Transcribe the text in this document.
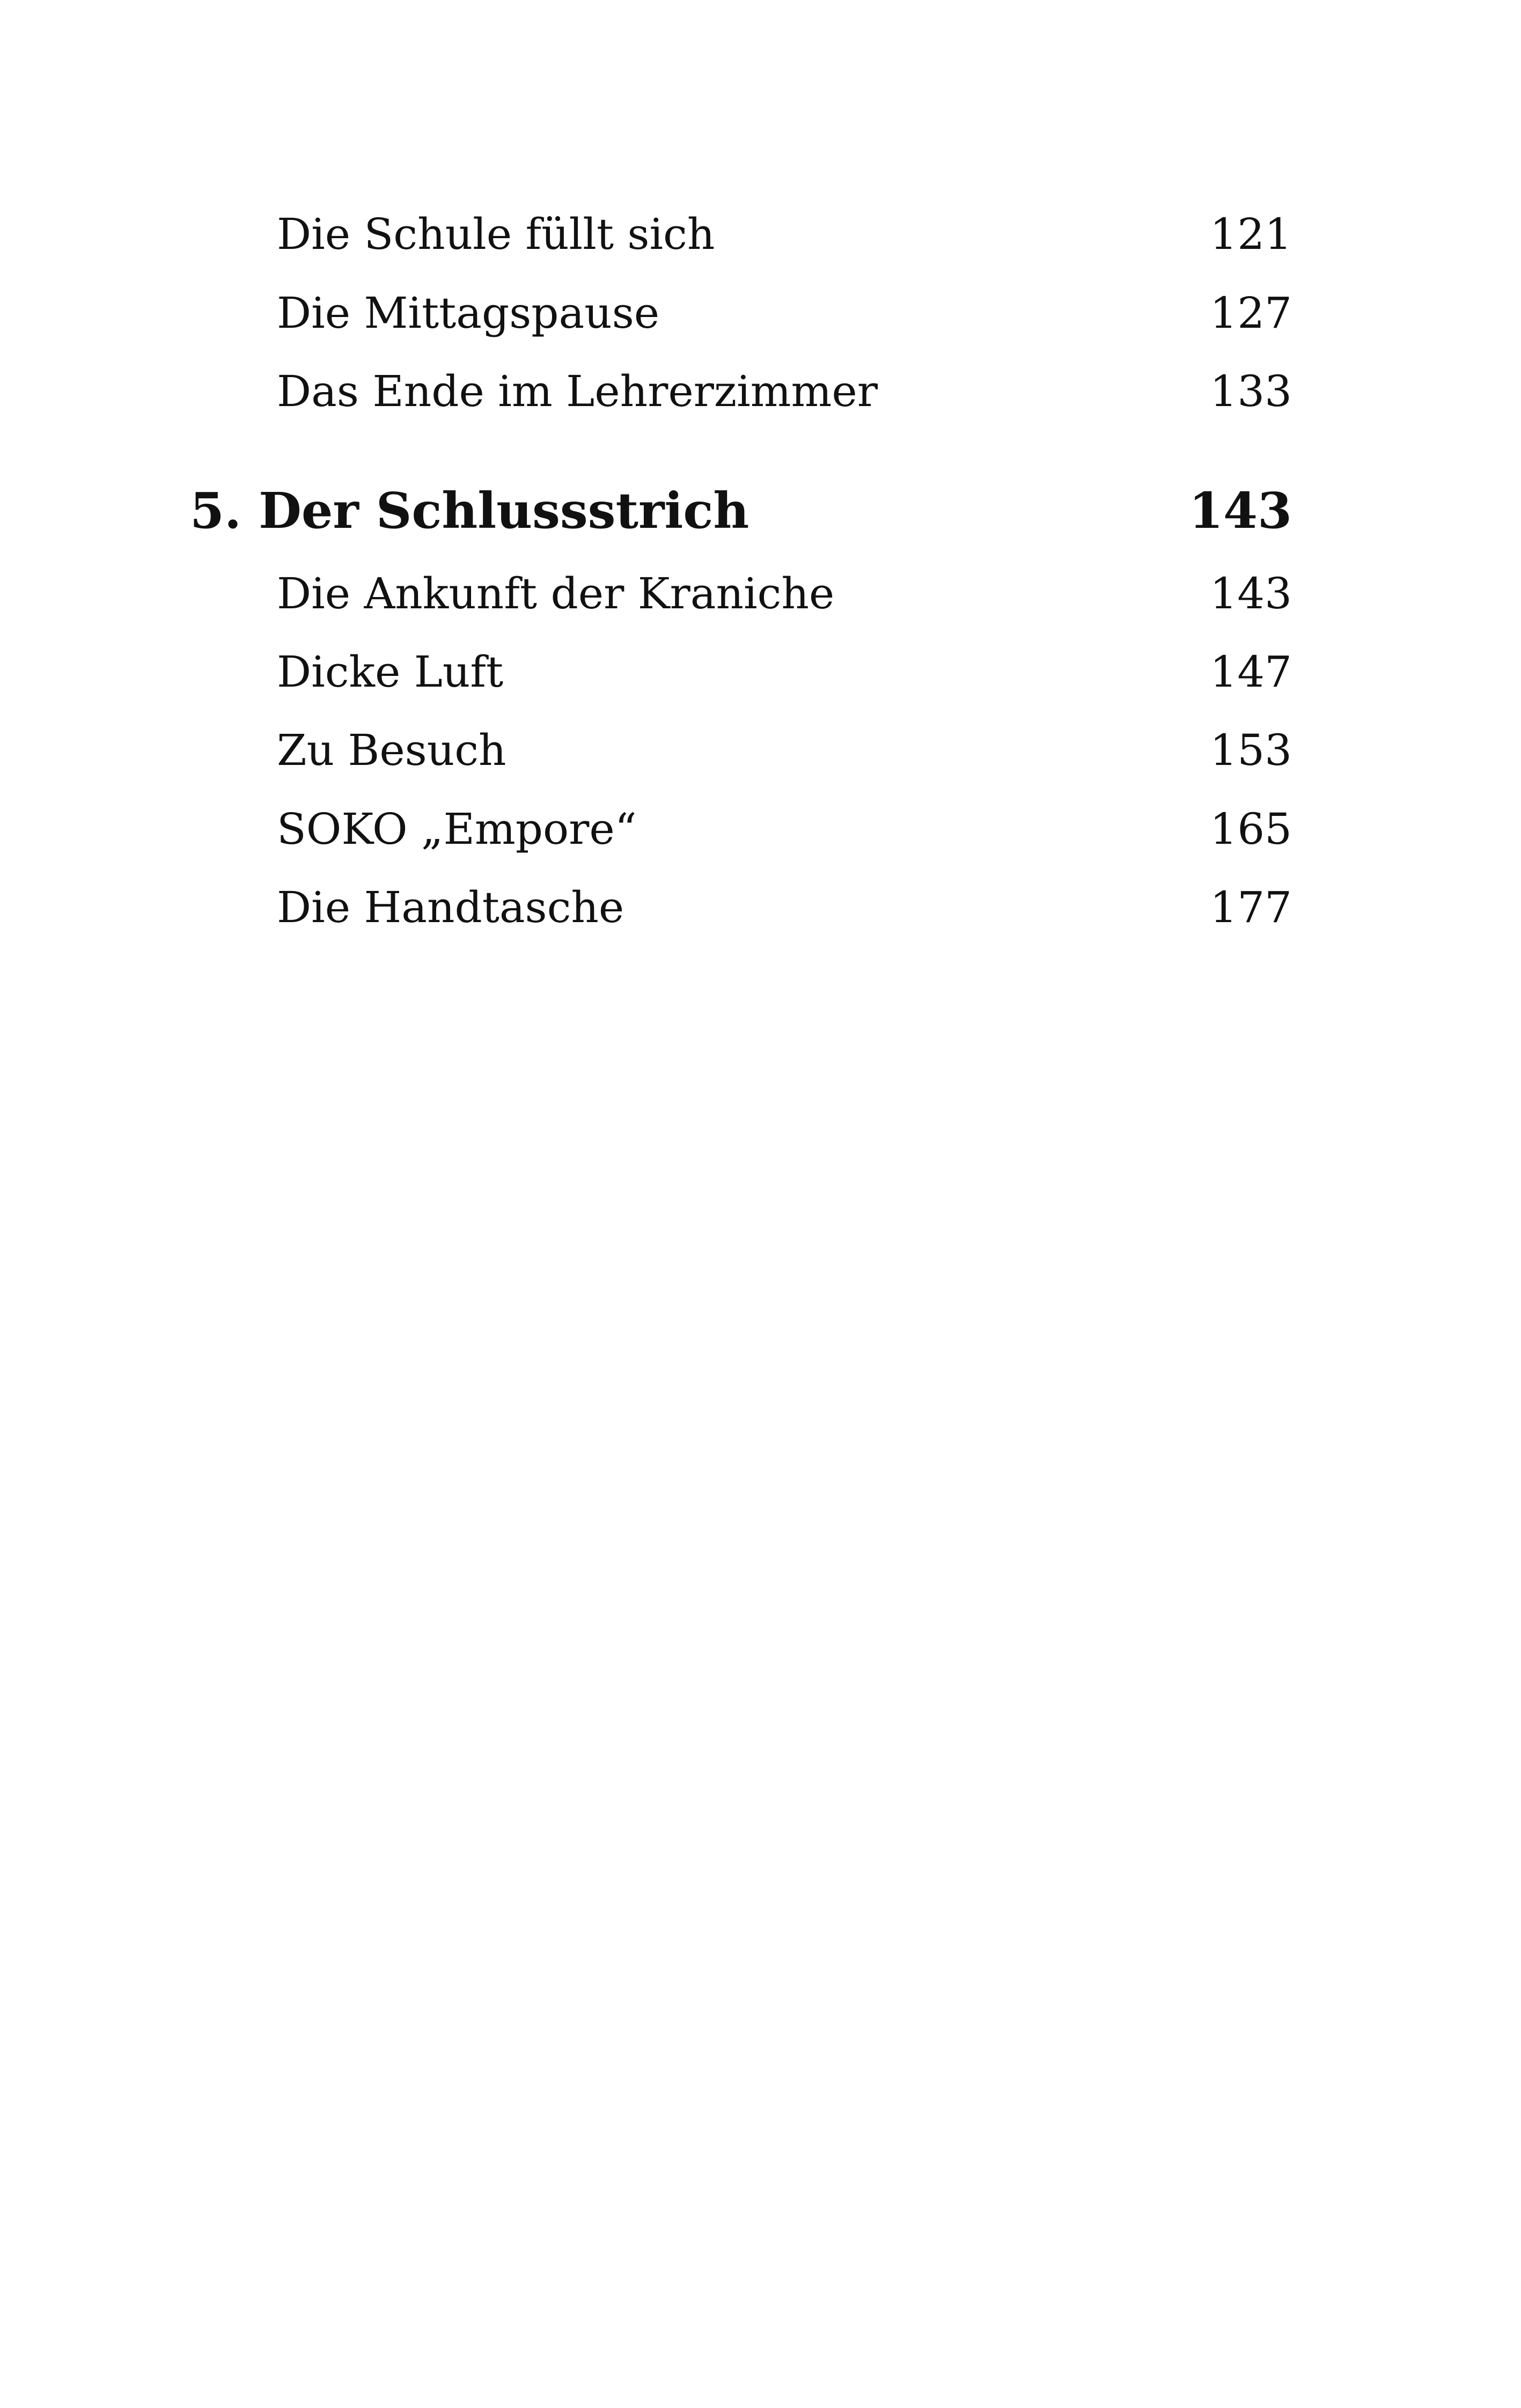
Die Schule füllt sich	121
Die Mittagspause	127
Das Ende im Lehrerzimmer	133
5. Der Schlussstrich	143
Die Ankunft der Kraniche	143
Dicke Luft	147
Zu Besuch	153
SOKO „Empore“	165
Die Handtasche	177
